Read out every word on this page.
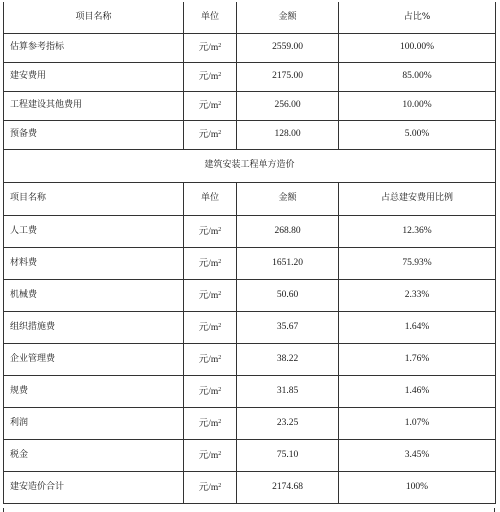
项目名称	单位	金额	占比%
估算参考指标	元$/m^2$	2559.00	100.00%
建安费用	元$/m^2$	2175.00	85.00%
工程建设其他费用	元$/m^2$	256.00	10.00%
预备费	元$/m^2$	128.00	5.00%
建筑安装工程单方造价			
项目名称	单位	金额	占总建安费用比例
人工费	元$/m^2$	268.80	12.36%
材料费	元$/m^2$	1651.20	75.93%
机械费	元$/m^2$	50.60	2.33%
组织措施费	元$/m^2$	35.67	1.64%
企业管理费	元$/m^2$	38.22	1.76%
规费	元$/m^2$	31.85	1.46%
利润	元$/m^2$	23.25	1.07%
税金	元$/m^2$	75.10	3.45%
建安造价合计	元$/m^2$	2174.68	100%
